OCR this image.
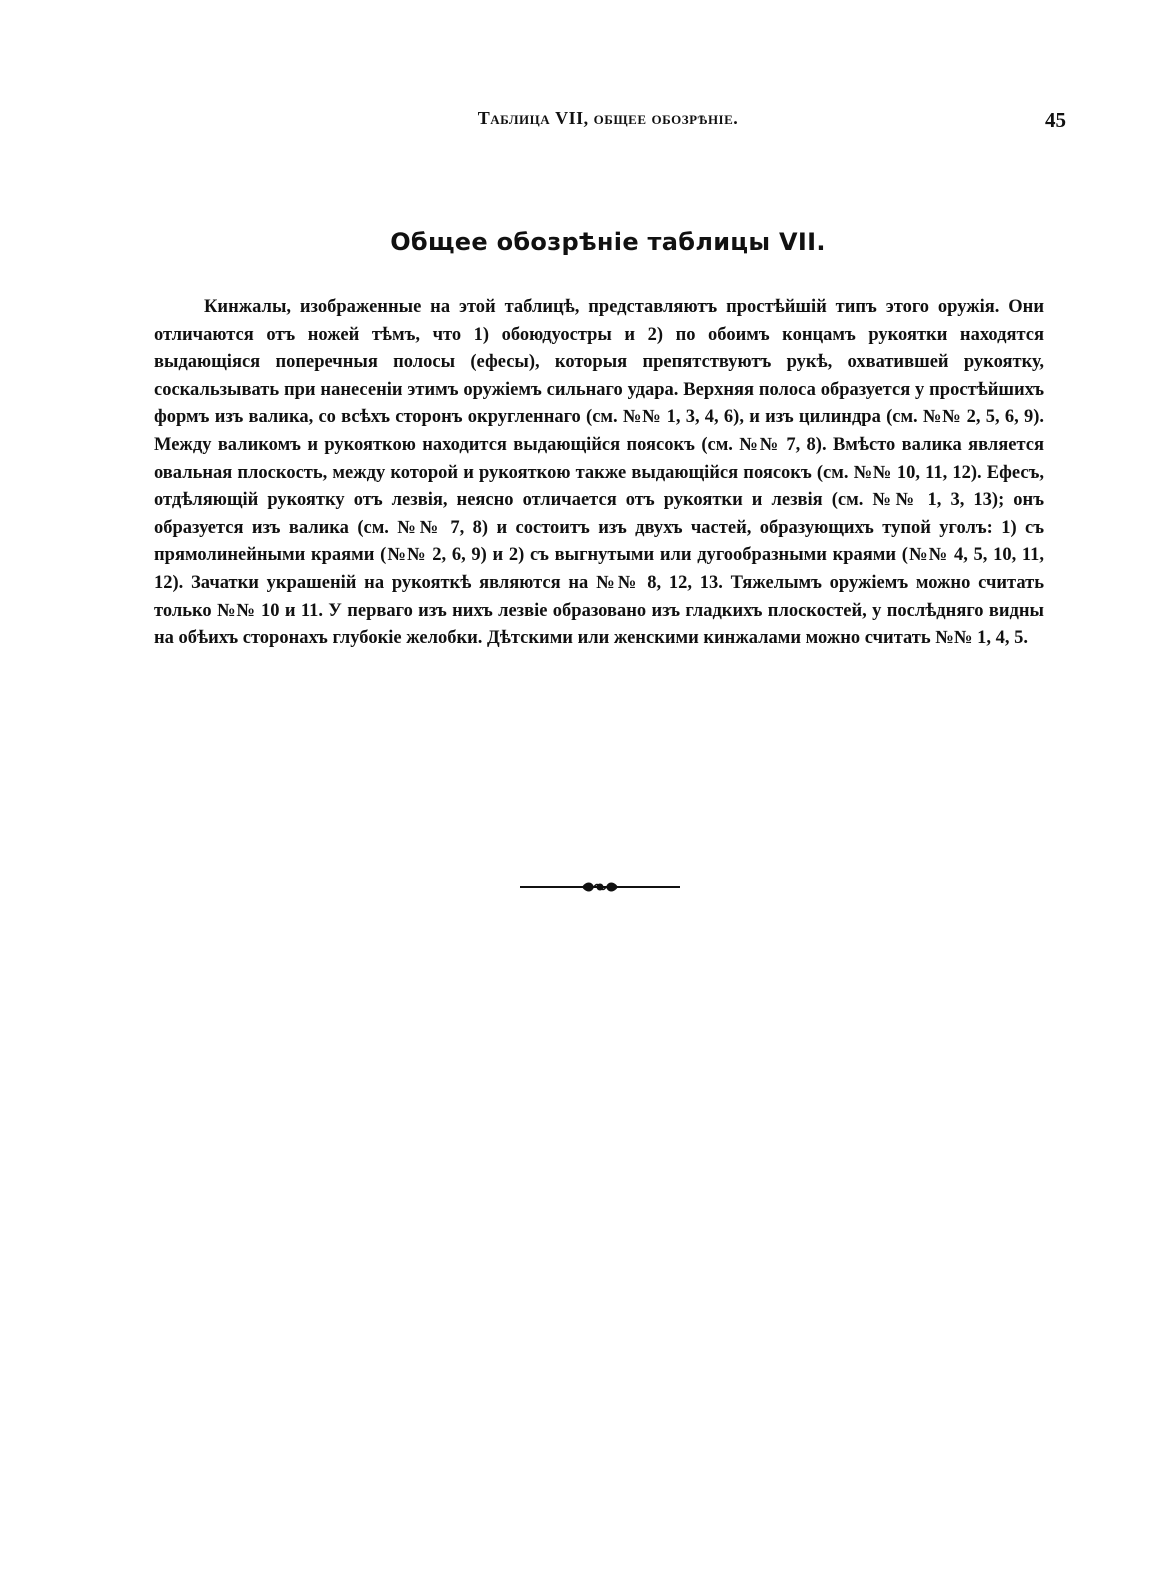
Таблица VII, общее обозрѣніе.	45
Общее обозрѣніе таблицы VII.
Кинжалы, изображенные на этой таблицѣ, представляютъ простѣйшій типъ этого оружія. Они отличаются отъ ножей тѣмъ, что 1) обоюдуостры и 2) по обоимъ концамъ рукоятки находятся выдающіяся поперечныя полосы (ефесы), которыя препятствуютъ рукѣ, охватившей рукоятку, соскальзывать при нанесеніи этимъ оружіемъ сильнаго удара. Верхняя полоса образуется у простѣйшихъ формъ изъ валика, со всѣхъ сторонъ округленнаго (см. №№ 1, 3, 4, 6), и изъ цилиндра (см. №№ 2, 5, 6, 9). Между валикомъ и рукояткою находится выдающійся поясокъ (см. №№ 7, 8). Вмѣсто валика является овальная плоскость, между которой и рукояткою также выдающійся поясокъ (см. №№ 10, 11, 12). Ефесъ, отдѣляющій рукоятку отъ лезвія, неясно отличается отъ рукоятки и лезвія (см. №№ 1, 3, 13); онъ образуется изъ валика (см. №№ 7, 8) и состоитъ изъ двухъ частей, образующихъ тупой уголъ: 1) съ прямолинейными краями (№№ 2, 6, 9) и 2) съ выгнутыми или дугообразными краями (№№ 4, 5, 10, 11, 12). Зачатки украшеній на рукояткѣ являются на №№ 8, 12, 13. Тяжелымъ оружіемъ можно считать только №№ 10 и 11. У перваго изъ нихъ лезвіе образовано изъ гладкихъ плоскостей, у послѣдняго видны на обѣихъ сторонахъ глубокіе желобки. Дѣтскими или женскими кинжалами можно считать №№ 1, 4, 5.
